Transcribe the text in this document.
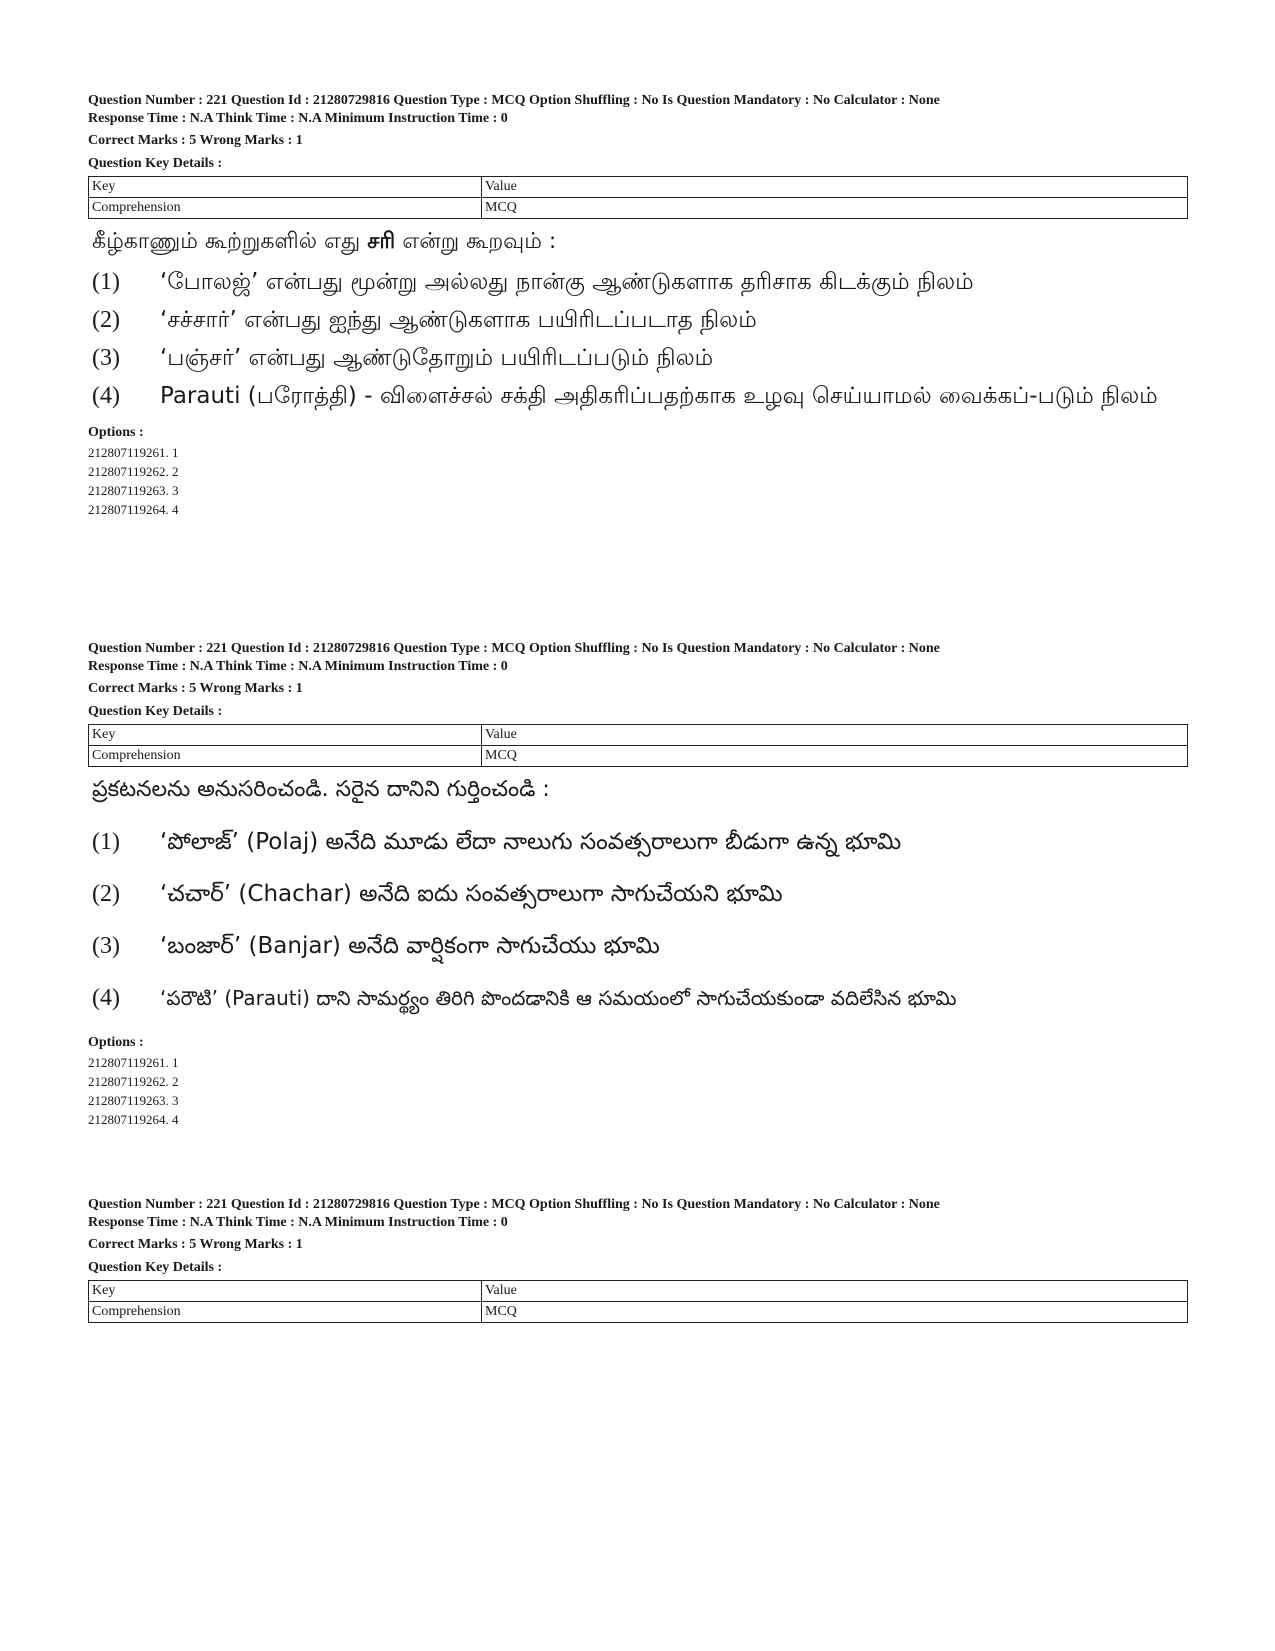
Question Number : 221 Question Id : 21280729816 Question Type : MCQ Option Shuffling : No Is Question Mandatory : No Calculator : None
Response Time : N.A Think Time : N.A Minimum Instruction Time : 0
Correct Marks : 5 Wrong Marks : 1
Question Key Details :
Key	Value
Comprehension	MCQ
கீழ்காணும் கூற்றுகளில் எது சரி என்று கூறவும் :
(1)	‘போலஜ்’ என்பது மூன்று அல்லது நான்கு ஆண்டுகளாக தரிசாக கிடக்கும் நிலம்
(2)	‘சச்சார்’ என்பது ஐந்து ஆண்டுகளாக பயிரிடப்படாத நிலம்
(3)	‘பஞ்சர்’ என்பது ஆண்டுதோறும் பயிரிடப்படும் நிலம்
(4)	Parauti (பரோத்தி) - விளைச்சல் சக்தி அதிகரிப்பதற்காக உழவு செய்யாமல் வைக்கப்-படும் நிலம்
Options :
212807119261. 1
212807119262. 2
212807119263. 3
212807119264. 4
Question Number : 221 Question Id : 21280729816 Question Type : MCQ Option Shuffling : No Is Question Mandatory : No Calculator : None
Response Time : N.A Think Time : N.A Minimum Instruction Time : 0
Correct Marks : 5 Wrong Marks : 1
Question Key Details :
Key	Value
Comprehension	MCQ
ప్రకటనలను అనుసరించండి. సరైన దానిని గుర్తించండి :
(1)	‘పోలాజ్’ (Polaj) అనేది మూడు లేదా నాలుగు సంవత్సరాలుగా బీడుగా ఉన్న భూమి
(2)	‘చచార్’ (Chachar) అనేది ఐదు సంవత్సరాలుగా సాగుచేయని భూమి
(3)	‘బంజార్’ (Banjar) అనేది వార్షికంగా సాగుచేయు భూమి
(4)	‘పరౌటి’ (Parauti) దాని సామర్థ్యం తిరిగి పొందడానికి ఆ సమయంలో సాగుచేయకుండా వదిలేసిన భూమి
Options :
212807119261. 1
212807119262. 2
212807119263. 3
212807119264. 4
Question Number : 221 Question Id : 21280729816 Question Type : MCQ Option Shuffling : No Is Question Mandatory : No Calculator : None
Response Time : N.A Think Time : N.A Minimum Instruction Time : 0
Correct Marks : 5 Wrong Marks : 1
Question Key Details :
Key	Value
Comprehension	MCQ
